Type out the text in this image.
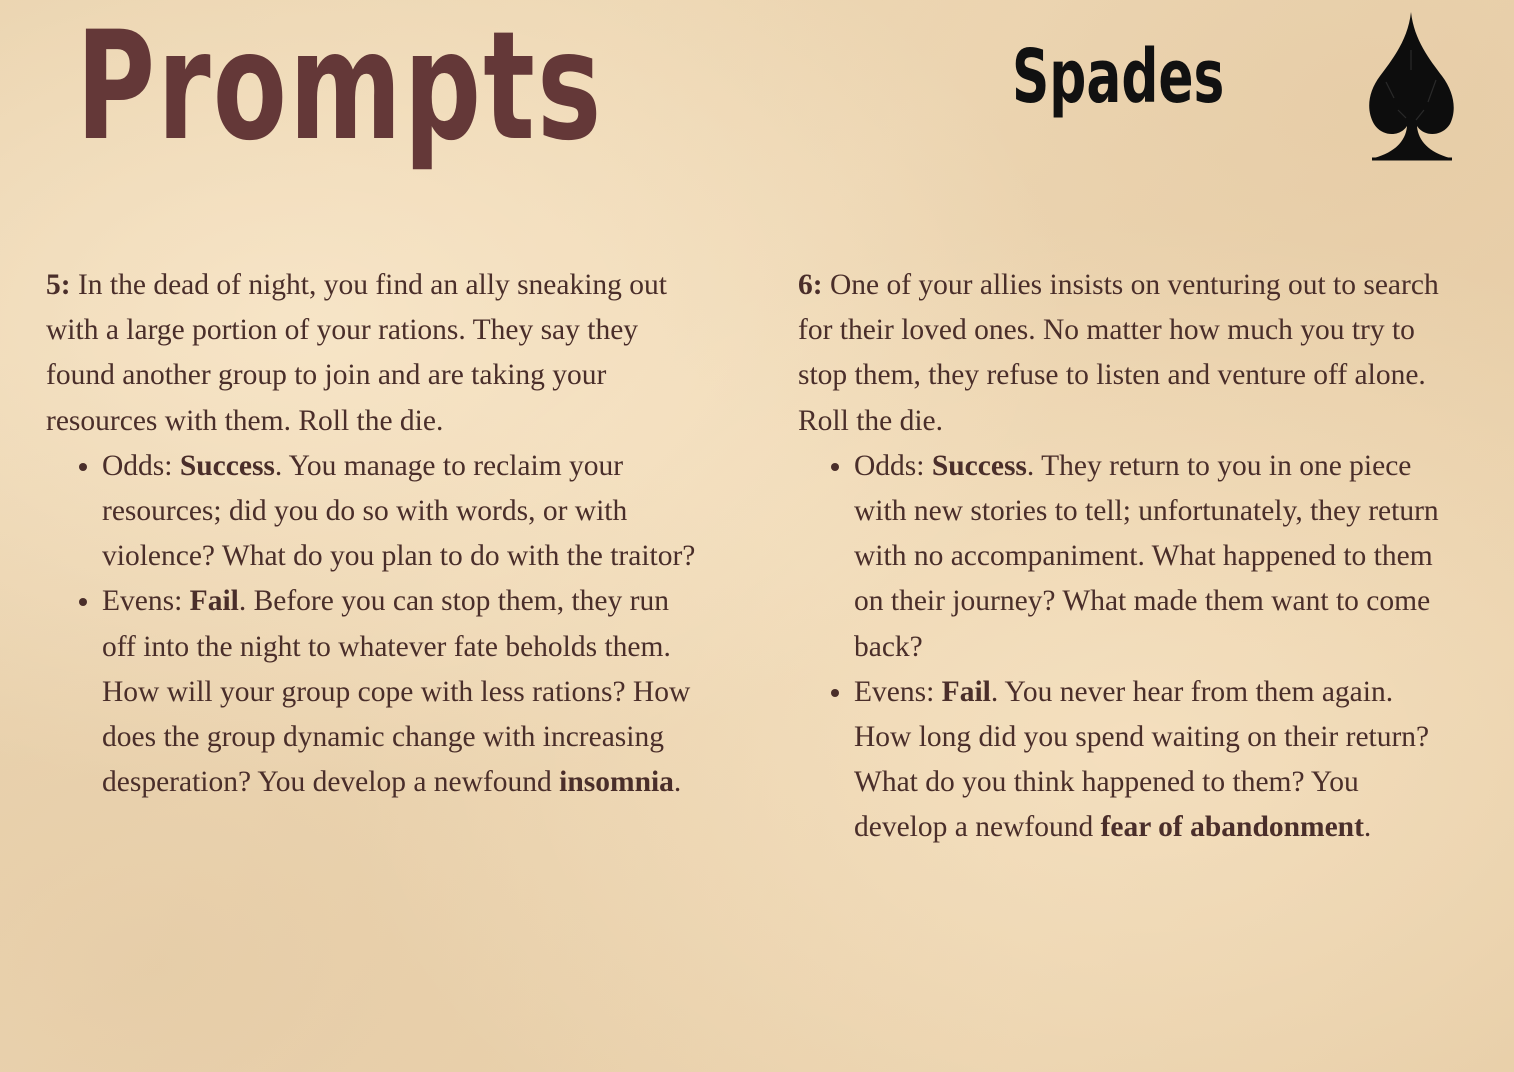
Prompts	Spades

5: In the dead of night, you find an ally sneaking out with a large portion of your rations. They say they found another group to join and are taking your resources with them. Roll the die.

• Odds: Success. You manage to reclaim your resources; did you do so with words, or with violence? What do you plan to do with the traitor?
• Evens: Fail. Before you can stop them, they run off into the night to whatever fate beholds them. How will your group cope with less rations? How does the group dynamic change with increasing desperation? You develop a newfound insomnia.

6: One of your allies insists on venturing out to search for their loved ones. No matter how much you try to stop them, they refuse to listen and venture off alone. Roll the die.

• Odds: Success. They return to you in one piece with new stories to tell; unfortunately, they return with no accompaniment. What happened to them on their journey? What made them want to come back?
• Evens: Fail. You never hear from them again. How long did you spend waiting on their return? What do you think happened to them? You develop a newfound fear of abandonment.
